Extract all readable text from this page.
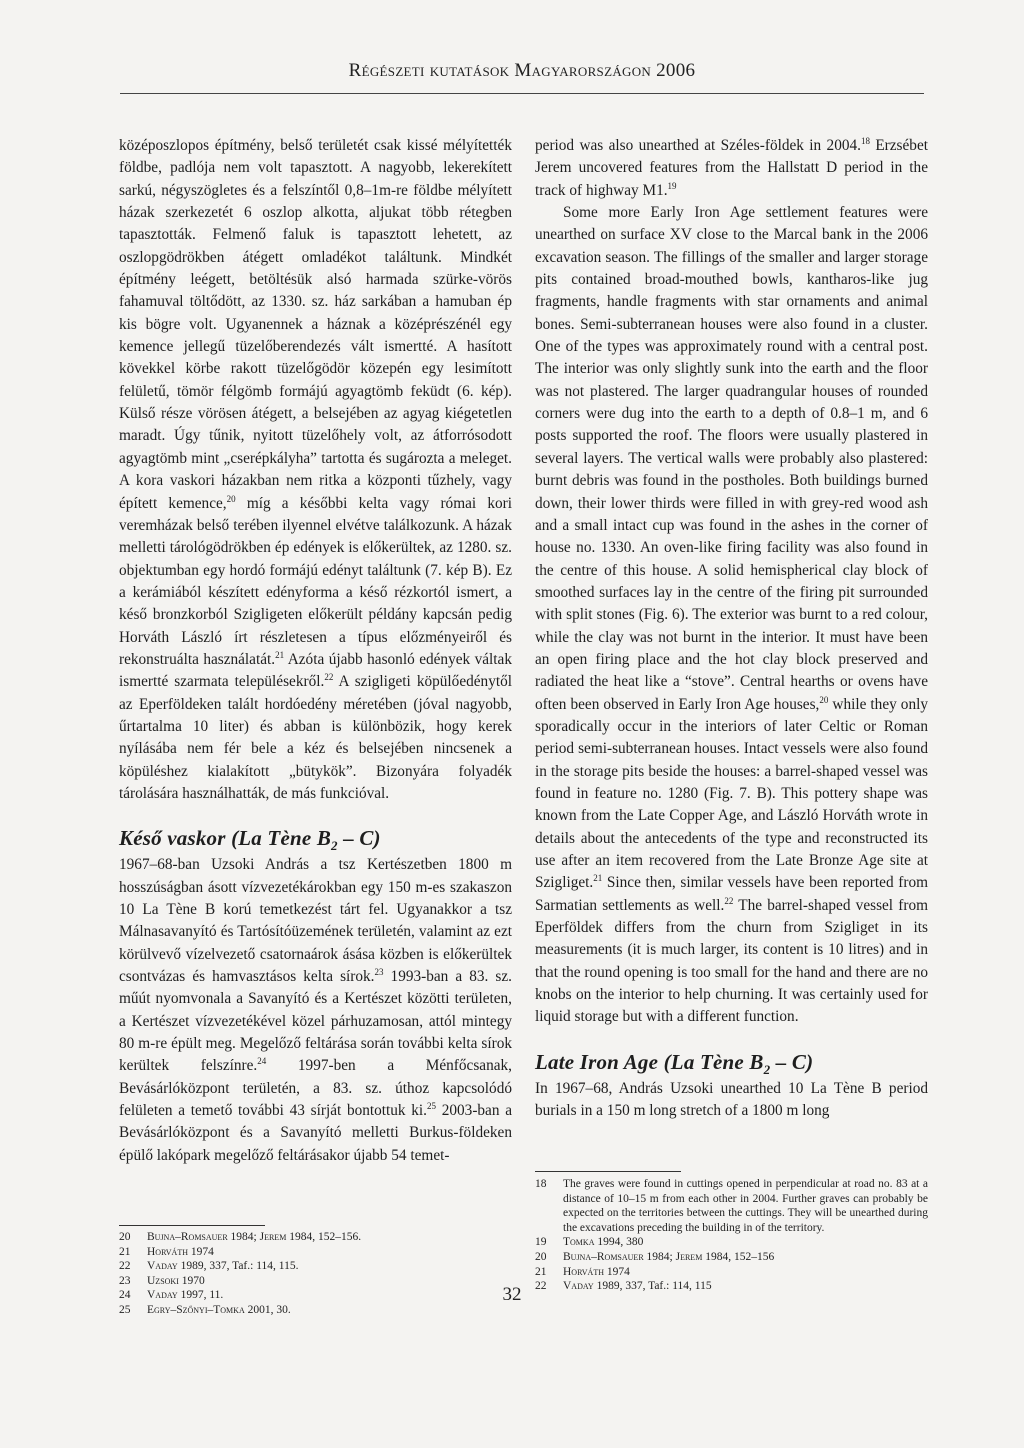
Régészeti kutatások Magyarországon 2006

középoszlopos építmény, belső területét csak kissé mélyítették földbe, padlója nem volt tapasztott. A nagyobb, lekerekített sarkú, négyszögletes és a felszíntől 0,8–1m-re földbe mélyített házak szerkezetét 6 oszlop alkotta, aljukat több rétegben tapasztották. Felmenő faluk is tapasztott lehetett, az oszlopgödrökben átégett omladékot találtunk. Mindkét építmény leégett, betöltésük alsó harmada szürke-vörös fahamuval töltődött, az 1330. sz. ház sarkában a hamuban ép kis bögre volt. Ugyanennek a háznak a középrészénél egy kemence jellegű tüzelőberendezés vált ismertté. A hasított kövekkel körbe rakott tüzelőgödör közepén egy lesimított felületű, tömör félgömb formájú agyagtömb feküdt (6. kép). Külső része vörösen átégett, a belsejében az agyag kiégetetlen maradt. Úgy tűnik, nyitott tüzelőhely volt, az átforrósodott agyagtömb mint „cserépkályha” tartotta és sugározta a meleget. A kora vaskori házakban nem ritka a központi tűzhely, vagy épített kemence,$^{20}$ míg a későbbi kelta vagy római kori veremházak belső terében ilyennel elvétve találkozunk. A házak melletti tárológödrökben ép edények is előkerültek, az 1280. sz. objektumban egy hordó formájú edényt találtunk (7. kép B). Ez a kerámiából készített edényforma a késő rézkortól ismert, a késő bronzkorból Szigligeten előkerült példány kapcsán pedig Horváth László írt részletesen a típus előzményeiről és rekonstruálta használatát.$^{21}$ Azóta újabb hasonló edények váltak ismertté szarmata településekről.$^{22}$ A szigligeti köpülőedénytől az Eperföldeken talált hordóedény méretében (jóval nagyobb, űrtartalma 10 liter) és abban is különbözik, hogy kerek nyílásába nem fér bele a kéz és belsejében nincsenek a köpüléshez kialakított „bütykök”. Bizonyára folyadék tárolására használhatták, de más funkcióval.

Késő vaskor (La Tène $B_2 - C$)

1967–68-ban Uzsoki András a tsz Kertészetben 1800 m hosszúságban ásott vízvezetékárokban egy 150 m-es szakaszon 10 La Tène B korú temetkezést tárt fel. Ugyanakkor a tsz Málnasavanyító és Tartósítóüzemének területén, valamint az ezt körülvevő vízelvezető csatornaárok ásása közben is előkerültek csontvázas és hamvasztásos kelta sírok.$^{23}$ 1993-ban a 83. sz. műút nyomvonala a Savanyító és a Kertészet közötti területen, a Kertészet vízvezetékével közel párhuzamosan, attól mintegy 80 m-re épült meg. Megelőző feltárása során további kelta sírok kerültek felszínre.$^{24}$ 1997-ben a Ménfőcsanak, Bevásárlóközpont területén, a 83. sz. úthoz kapcsolódó felületen a temető további 43 sírját bontottuk ki.$^{25}$ 2003-ban a Bevásárlóközpont és a Savanyító melletti Burkus-földeken épülő lakópark megelőző feltárásakor újabb 54 temet-

period was also unearthed at Széles-földek in 2004.18 Erzsébet Jerem uncovered features from the Hallstatt D period in the track of highway M1.19

Some more Early Iron Age settlement features were unearthed on surface XV close to the Marcal bank in the 2006 excavation season. The fillings of the smaller and larger storage pits contained broad-mouthed bowls, kantharos-like jug fragments, handle fragments with star ornaments and animal bones. Semi-subterranean houses were also found in a cluster. One of the types was approximately round with a central post. The interior was only slightly sunk into the earth and the floor was not plastered. The larger quadrangular houses of rounded corners were dug into the earth to a depth of 0.8–1 m, and 6 posts supported the roof. The floors were usually plastered in several layers. The vertical walls were probably also plastered: burnt debris was found in the postholes. Both buildings burned down, their lower thirds were filled in with grey-red wood ash and a small intact cup was found in the ashes in the corner of house no. 1330. An oven-like firing facility was also found in the centre of this house. A solid hemispherical clay block of smoothed surfaces lay in the centre of the firing pit surrounded with split stones (Fig. 6). The exterior was burnt to a red colour, while the clay was not burnt in the interior. It must have been an open firing place and the hot clay block preserved and radiated the heat like a “stove”. Central hearths or ovens have often been observed in Early Iron Age houses,$^{20}$ while they only sporadically occur in the interiors of later Celtic or Roman period semi-subterranean houses. Intact vessels were also found in the storage pits beside the houses: a barrel-shaped vessel was found in feature no. 1280 (Fig. 7. B). This pottery shape was known from the Late Copper Age, and László Horváth wrote in details about the antecedents of the type and reconstructed its use after an item recovered from the Late Bronze Age site at Szigliget.$^{21}$ Since then, similar vessels have been reported from Sarmatian settlements as well.$^{22}$ The barrel-shaped vessel from Eperföldek differs from the churn from Szigliget in its measurements (it is much larger, its content is 10 litres) and in that the round opening is too small for the hand and there are no knobs on the interior to help churning. It was certainly used for liquid storage but with a different function.

Late Iron Age (La Tène $B_2 - C$)

In 1967–68, András Uzsoki unearthed 10 La Tène B period burials in a 150 m long stretch of a 1800 m long

20	Bujna–Romsauer 1984; Jerem 1984, 152–156.
21	Horváth 1974
22	Vaday 1989, 337, Taf.: 114, 115.
23	Uzsoki 1970
24	Vaday 1997, 11.
25	Egry–Szőnyi–Tomka 2001, 30.
18	The graves were found in cuttings opened in perpendicular at road no. 83 at a distance of 10–15 m from each other in 2004. Further graves can probably be expected on the territories between the cuttings. They will be unearthed during the excavations preceding the building in of the territory.
19	Tomka 1994, 380
20	Bujna–Romsauer 1984; Jerem 1984, 152–156
21	Horváth 1974
22	Vaday 1989, 337, Taf.: 114, 115
32
